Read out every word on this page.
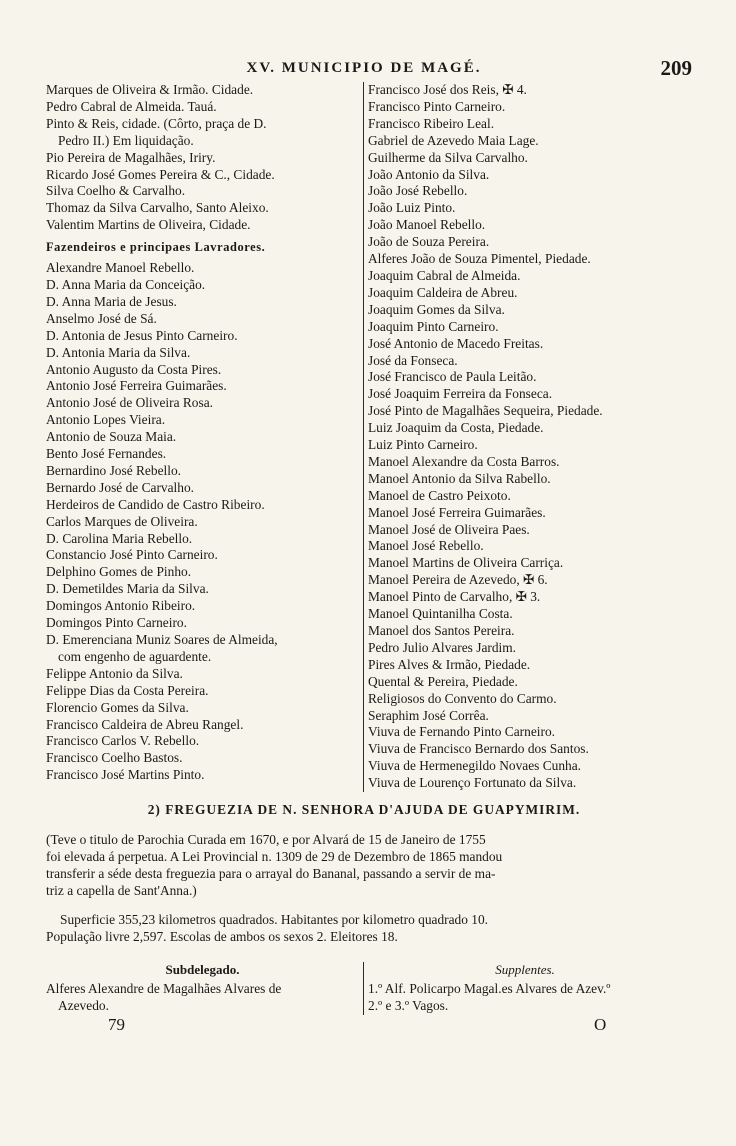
XV. MUNICIPIO DE MAGÉ.	209
Marques de Oliveira & Irmão. Cidade.
Pedro Cabral de Almeida. Tauá.
Pinto & Reis, cidade. (Côrto, praça de D.
Pedro II.) Em liquidação.
Pio Pereira de Magalhães, Iriry.
Ricardo José Gomes Pereira & C., Cidade.
Silva Coelho & Carvalho.
Thomaz da Silva Carvalho, Santo Aleixo.
Valentim Martins de Oliveira, Cidade.
Fazendeiros e principaes Lavradores.
Alexandre Manoel Rebello.
D. Anna Maria da Conceição.
D. Anna Maria de Jesus.
Anselmo José de Sá.
D. Antonia de Jesus Pinto Carneiro.
D. Antonia Maria da Silva.
Antonio Augusto da Costa Pires.
Antonio José Ferreira Guimarães.
Antonio José de Oliveira Rosa.
Antonio Lopes Vieira.
Antonio de Souza Maia.
Bento José Fernandes.
Bernardino José Rebello.
Bernardo José de Carvalho.
Herdeiros de Candido de Castro Ribeiro.
Carlos Marques de Oliveira.
D. Carolina Maria Rebello.
Constancio José Pinto Carneiro.
Delphino Gomes de Pinho.
D. Demetildes Maria da Silva.
Domingos Antonio Ribeiro.
Domingos Pinto Carneiro.
D. Emerenciana Muniz Soares de Almeida,
com engenho de aguardente.
Felippe Antonio da Silva.
Felippe Dias da Costa Pereira.
Florencio Gomes da Silva.
Francisco Caldeira de Abreu Rangel.
Francisco Carlos V. Rebello.
Francisco Coelho Bastos.
Francisco José Martins Pinto.
Francisco José dos Reis, ✠ 4.
Francisco Pinto Carneiro.
Francisco Ribeiro Leal.
Gabriel de Azevedo Maia Lage.
Guilherme da Silva Carvalho.
João Antonio da Silva.
João José Rebello.
João Luiz Pinto.
João Manoel Rebello.
João de Souza Pereira.
Alferes João de Souza Pimentel, Piedade.
Joaquim Cabral de Almeida.
Joaquim Caldeira de Abreu.
Joaquim Gomes da Silva.
Joaquim Pinto Carneiro.
José Antonio de Macedo Freitas.
José da Fonseca.
José Francisco de Paula Leitão.
José Joaquim Ferreira da Fonseca.
José Pinto de Magalhães Sequeira, Piedade.
Luiz Joaquim da Costa, Piedade.
Luiz Pinto Carneiro.
Manoel Alexandre da Costa Barros.
Manoel Antonio da Silva Rabello.
Manoel de Castro Peixoto.
Manoel José Ferreira Guimarães.
Manoel José de Oliveira Paes.
Manoel José Rebello.
Manoel Martins de Oliveira Carriça.
Manoel Pereira de Azevedo, ✠ 6.
Manoel Pinto de Carvalho, ✠ 3.
Manoel Quintanilha Costa.
Manoel dos Santos Pereira.
Pedro Julio Alvares Jardim.
Pires Alves & Irmão, Piedade.
Quental & Pereira, Piedade.
Religiosos do Convento do Carmo.
Seraphim José Corrêa.
Viuva de Fernando Pinto Carneiro.
Viuva de Francisco Bernardo dos Santos.
Viuva de Hermenegildo Novaes Cunha.
Viuva de Lourenço Fortunato da Silva.
2) FREGUEZIA DE N. SENHORA D'AJUDA DE GUAPYMIRIM.
(Teve o titulo de Parochia Curada em 1670, e por Alvará de 15 de Janeiro de 1755
foi elevada á perpetua. A Lei Provincial n. 1309 de 29 de Dezembro de 1865 mandou
transferir a séde desta freguezia para o arrayal do Bananal, passando a servir de ma-
triz a capella de Sant'Anna.)
Superficie 355,23 kilometros quadrados. Habitantes por kilometro quadrado 10.
População livre 2,597. Escolas de ambos os sexos 2. Eleitores 18.
Subdelegado.
Alferes Alexandre de Magalhães Alvares de
Azevedo.
Supplentes.
1.º Alf. Policarpo Magal.es Alvares de Azev.º
2.º e 3.º Vagos.
79	O
